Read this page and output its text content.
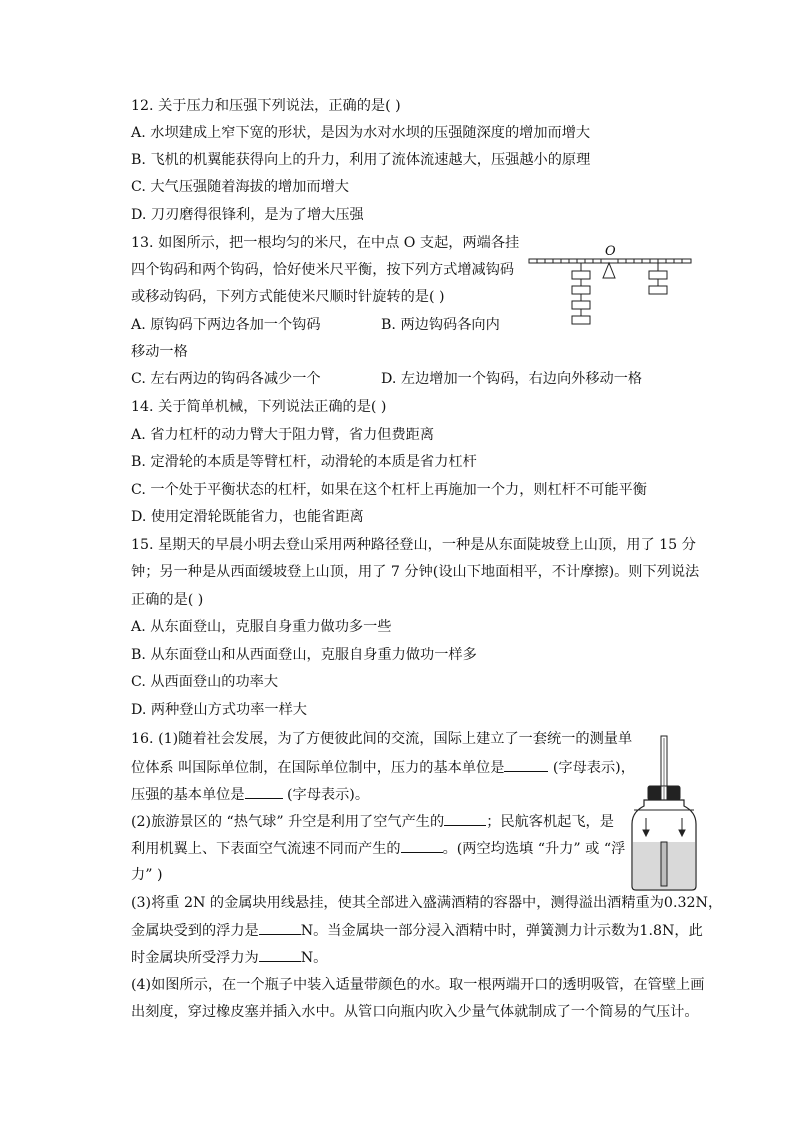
12. 关于压力和压强下列说法，正确的是( )
A. 水坝建成上窄下宽的形状，是因为水对水坝的压强随深度的增加而增大
B. 飞机的机翼能获得向上的升力，利用了流体流速越大，压强越小的原理
C. 大气压强随着海拔的增加而增大
D. 刀刃磨得很锋利，是为了增大压强
13. 如图所示，把一根均匀的米尺，在中点 O 支起，两端各挂
四个钩码和两个钩码，恰好使米尺平衡，按下列方式增减钩码
或移动钩码，下列方式能使米尺顺时针旋转的是( )
A. 原钩码下两边各加一个钩码	B. 两边钩码各向内
移动一格
C. 左右两边的钩码各减少一个	D. 左边增加一个钩码，右边向外移动一格
O
14. 关于简单机械，下列说法正确的是( )
A. 省力杠杆的动力臂大于阻力臂，省力但费距离
B. 定滑轮的本质是等臂杠杆，动滑轮的本质是省力杠杆
C. 一个处于平衡状态的杠杆，如果在这个杠杆上再施加一个力，则杠杆不可能平衡
D. 使用定滑轮既能省力，也能省距离
15. 星期天的早晨小明去登山采用两种路径登山，一种是从东面陡坡登上山顶，用了 15 分
钟；另一种是从西面缓坡登上山顶，用了 7 分钟(设山下地面相平，不计摩擦)。则下列说法
正确的是( )
A. 从东面登山，克服自身重力做功多一些
B. 从东面登山和从西面登山，克服自身重力做功一样多
C. 从西面登山的功率大
D. 两种登山方式功率一样大
16. (1)随着社会发展，为了方便彼此间的交流，国际上建立了一套统一的测量单
位体系 叫国际单位制，在国际单位制中，压力的基本单位是	(字母表示)，
压强的基本单位是	(字母表示)。
(2)旅游景区的 “热气球” 升空是利用了空气产生的	；民航客机起飞，是
利用机翼上、下表面空气流速不同而产生的	。(两空均选填 “升力” 或 “浮
力” )
(3)将重 2N 的金属块用线悬挂，使其全部进入盛满酒精的容器中，测得溢出酒精重为0.32N，
金属块受到的浮力是	N。当金属块一部分浸入酒精中时，弹簧测力计示数为1.8N，此
时金属块所受浮力为	N。
(4)如图所示，在一个瓶子中装入适量带颜色的水。取一根两端开口的透明吸管，在管壁上画
出刻度，穿过橡皮塞并插入水中。从管口向瓶内吹入少量气体就制成了一个简易的气压计。
